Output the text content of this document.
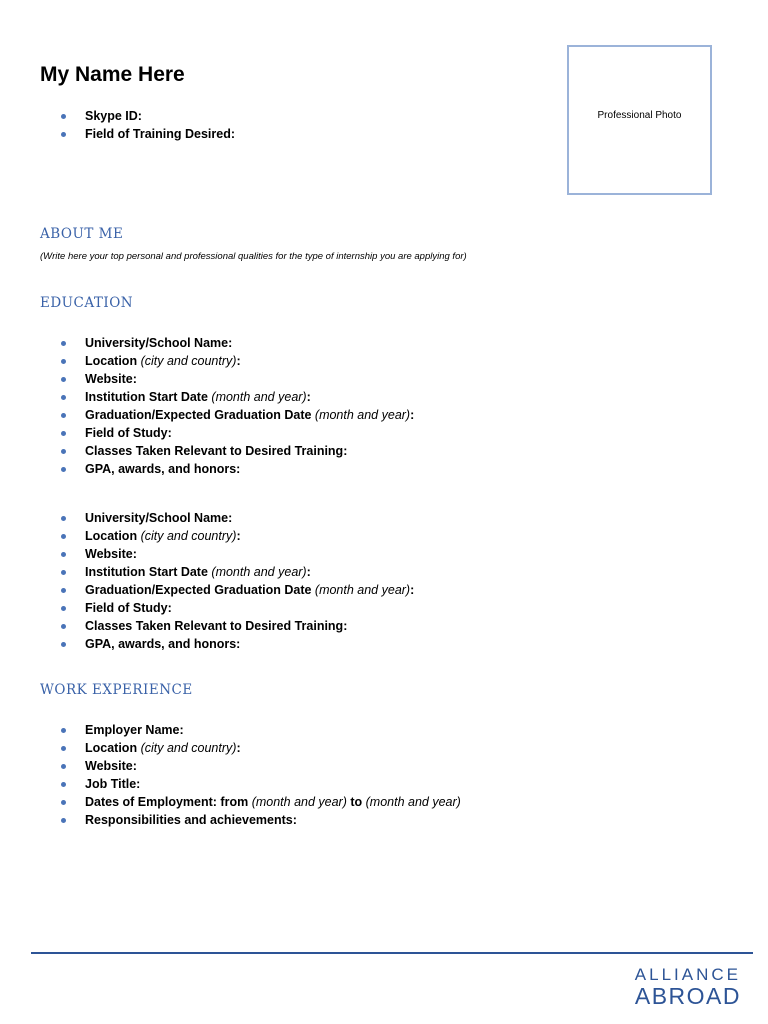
My Name Here
Skype ID:
Field of Training Desired:
Professional Photo
ABOUT ME
(Write here your top personal and professional qualities for the type of internship you are applying for)
EDUCATION
University/School Name:
Location (city and country):
Website:
Institution Start Date (month and year):
Graduation/Expected Graduation Date (month and year):
Field of Study:
Classes Taken Relevant to Desired Training:
GPA, awards, and honors:
University/School Name:
Location (city and country):
Website:
Institution Start Date (month and year):
Graduation/Expected Graduation Date (month and year):
Field of Study:
Classes Taken Relevant to Desired Training:
GPA, awards, and honors:
WORK EXPERIENCE
Employer Name:
Location (city and country):
Website:
Job Title:
Dates of Employment: from (month and year) to (month and year)
Responsibilities and achievements:
ALLIANCE
ABROAD
